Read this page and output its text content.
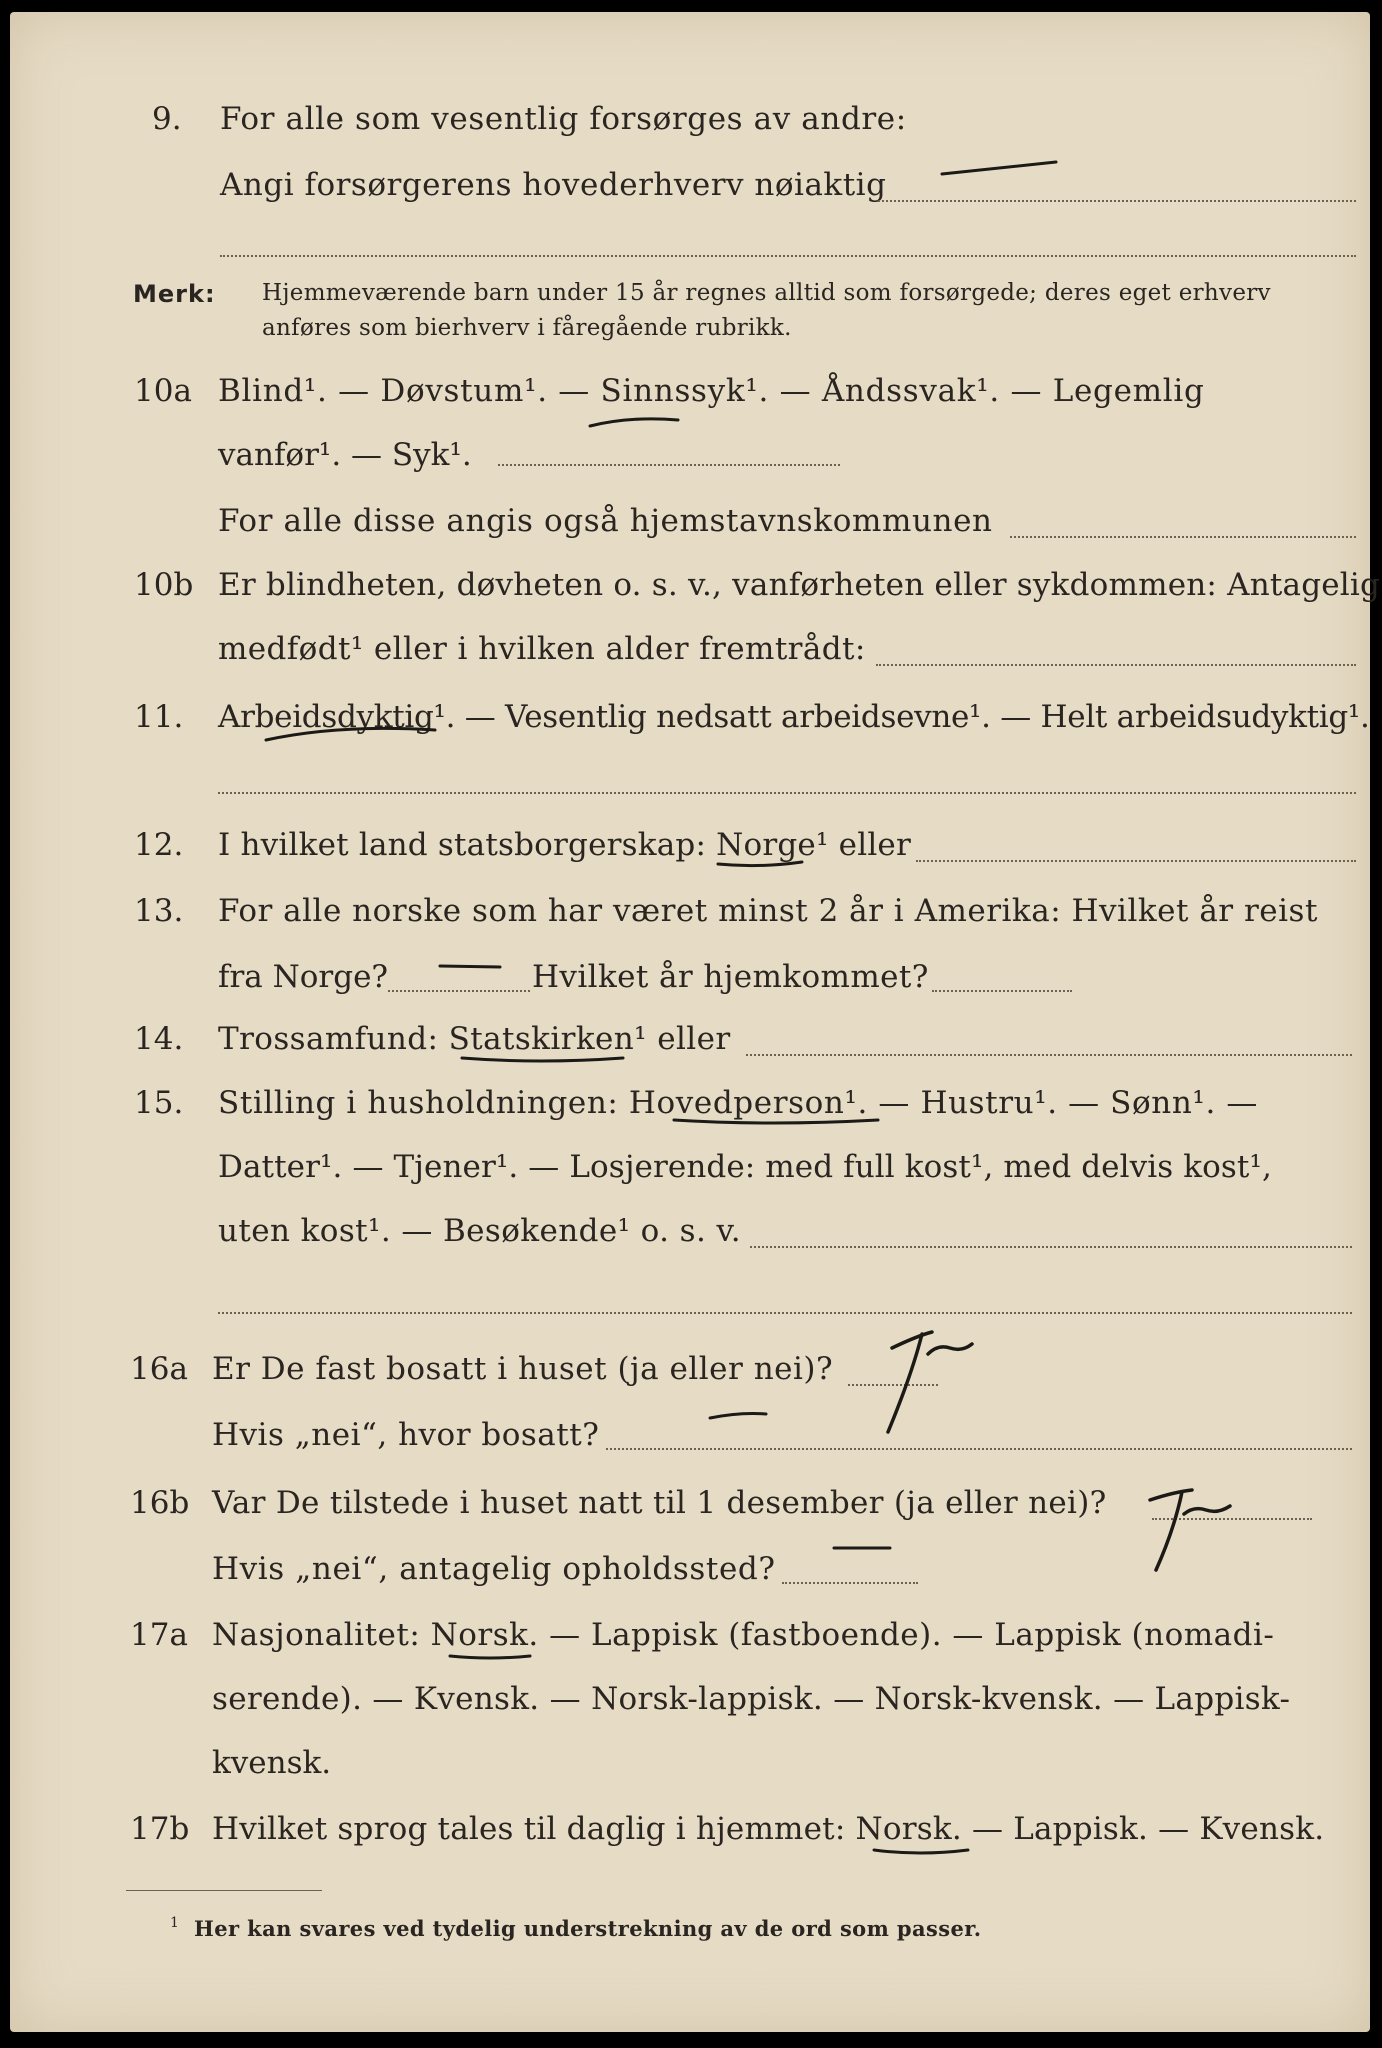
9. For alle som vesentlig forsørges av andre:
Angi forsørgerens hovederhverv nøiaktig
Merk: Hjemmeværende barn under 15 år regnes alltid som forsørgede; deres eget erhverv
anføres som bierhverv i fåregående rubrikk.
10a Blind¹. — Døvstum¹. — Sinnssyk¹. — Åndssvak¹. — Legemlig
vanfør¹. — Syk¹.
For alle disse angis også hjemstavnskommunen
10b Er blindheten, døvheten o. s. v., vanførheten eller sykdommen: Antagelig
medfødt¹ eller i hvilken alder fremtrådt:
11. Arbeidsdyktig¹. — Vesentlig nedsatt arbeidsevne¹. — Helt arbeidsudyktig¹.
12. I hvilket land statsborgerskap: Norge¹ eller
13. For alle norske som har været minst 2 år i Amerika: Hvilket år reist
fra Norge?	Hvilket år hjemkommet?
14. Trossamfund: Statskirken¹ eller
15. Stilling i husholdningen: Hovedperson¹. — Hustru¹. — Sønn¹. —
Datter¹. — Tjener¹. — Losjerende: med full kost¹, med delvis kost¹,
uten kost¹. — Besøkende¹ o. s. v.
16a Er De fast bosatt i huset (ja eller nei)?
Hvis „nei“, hvor bosatt?
16b Var De tilstede i huset natt til 1 desember (ja eller nei)?
Hvis „nei“, antagelig opholdssted?
17a Nasjonalitet: Norsk. — Lappisk (fastboende). — Lappisk (nomadi-
serende). — Kvensk. — Norsk-lappisk. — Norsk-kvensk. — Lappisk-
kvensk.
17b Hvilket sprog tales til daglig i hjemmet: Norsk. — Lappisk. — Kvensk.
1 Her kan svares ved tydelig understrekning av de ord som passer.
